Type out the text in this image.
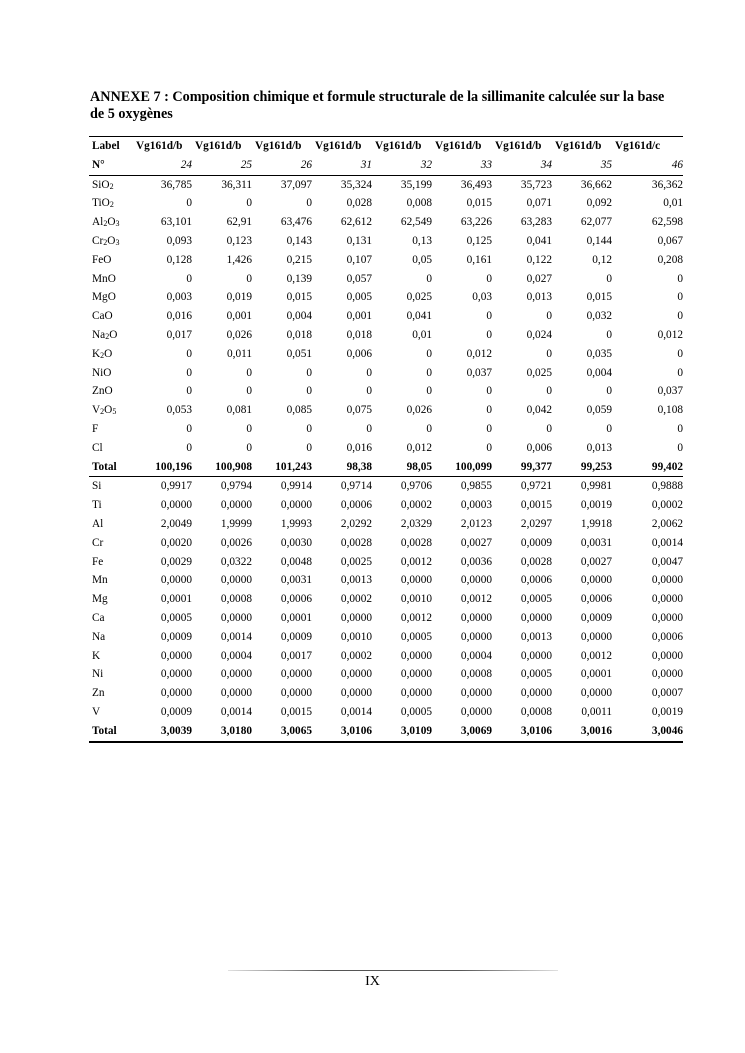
ANNEXE 7 : Composition chimique et formule structurale de la sillimanite calculée sur la base de 5 oxygènes
Label	Vg161d/b	Vg161d/b	Vg161d/b	Vg161d/b	Vg161d/b	Vg161d/b	Vg161d/b	Vg161d/b	Vg161d/c
N°	24	25	26	31	32	33	34	35	46
SiO$_2$	36,785	36,311	37,097	35,324	35,199	36,493	35,723	36,662	36,362
TiO$_2$	0	0	0	0,028	0,008	0,015	0,071	0,092	0,01
$Al_2O_3$	63,101	62,91	63,476	62,612	62,549	63,226	63,283	62,077	62,598
$Cr_2O_3$	0,093	0,123	0,143	0,131	0,13	0,125	0,041	0,144	0,067
FeO	0,128	1,426	0,215	0,107	0,05	0,161	0,122	0,12	0,208
MnO	0	0	0,139	0,057	0	0	0,027	0	0
MgO	0,003	0,019	0,015	0,005	0,025	0,03	0,013	0,015	0
CaO	0,016	0,001	0,004	0,001	0,041	0	0	0,032	0
$Na_2O$	0,017	0,026	0,018	0,018	0,01	0	0,024	0	0,012
$K_2O$	0	0,011	0,051	0,006	0	0,012	0	0,035	0
NiO	0	0	0	0	0	0,037	0,025	0,004	0
ZnO	0	0	0	0	0	0	0	0	0,037
$V_2O_5$	0,053	0,081	0,085	0,075	0,026	0	0,042	0,059	0,108
F	0	0	0	0	0	0	0	0	0
Cl	0	0	0	0,016	0,012	0	0,006	0,013	0
Total	100,196	100,908	101,243	98,38	98,05	100,099	99,377	99,253	99,402
Si	0,9917	0,9794	0,9914	0,9714	0,9706	0,9855	0,9721	0,9981	0,9888
Ti	0,0000	0,0000	0,0000	0,0006	0,0002	0,0003	0,0015	0,0019	0,0002
Al	2,0049	1,9999	1,9993	2,0292	2,0329	2,0123	2,0297	1,9918	2,0062
Cr	0,0020	0,0026	0,0030	0,0028	0,0028	0,0027	0,0009	0,0031	0,0014
Fe	0,0029	0,0322	0,0048	0,0025	0,0012	0,0036	0,0028	0,0027	0,0047
Mn	0,0000	0,0000	0,0031	0,0013	0,0000	0,0000	0,0006	0,0000	0,0000
Mg	0,0001	0,0008	0,0006	0,0002	0,0010	0,0012	0,0005	0,0006	0,0000
Ca	0,0005	0,0000	0,0001	0,0000	0,0012	0,0000	0,0000	0,0009	0,0000
Na	0,0009	0,0014	0,0009	0,0010	0,0005	0,0000	0,0013	0,0000	0,0006
K	0,0000	0,0004	0,0017	0,0002	0,0000	0,0004	0,0000	0,0012	0,0000
Ni	0,0000	0,0000	0,0000	0,0000	0,0000	0,0008	0,0005	0,0001	0,0000
Zn	0,0000	0,0000	0,0000	0,0000	0,0000	0,0000	0,0000	0,0000	0,0007
V	0,0009	0,0014	0,0015	0,0014	0,0005	0,0000	0,0008	0,0011	0,0019
Total	3,0039	3,0180	3,0065	3,0106	3,0109	3,0069	3,0106	3,0016	3,0046
IX
